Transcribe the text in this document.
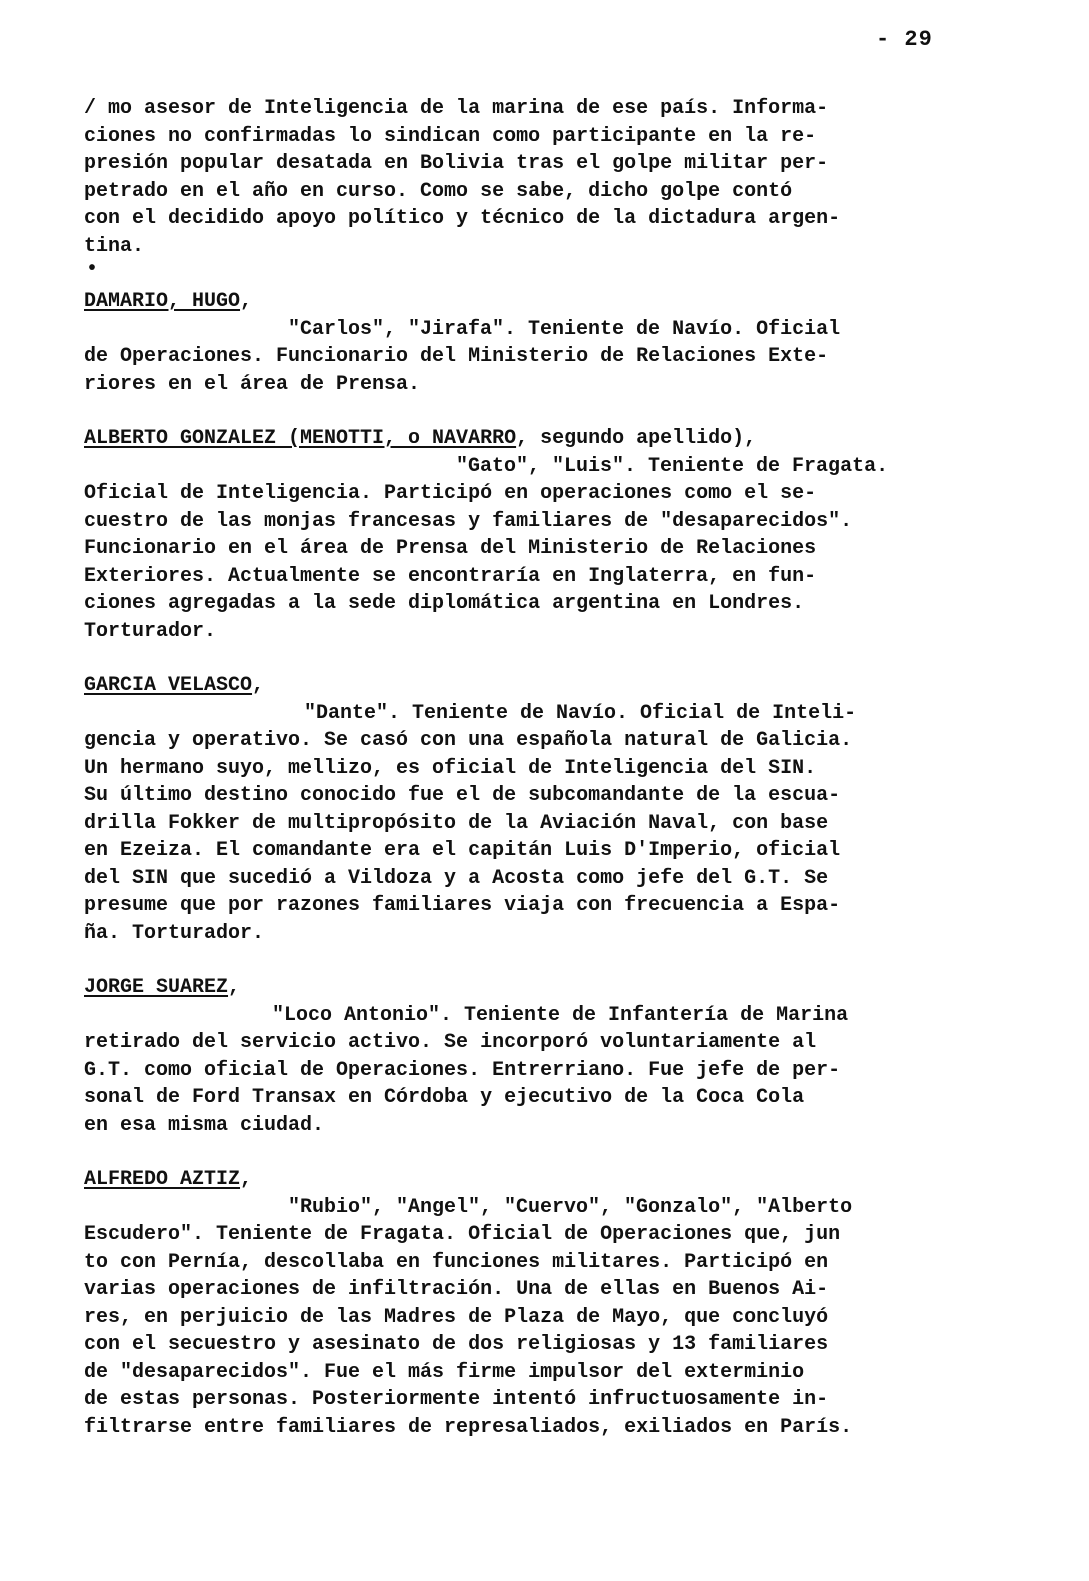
- 29
/ mo asesor de Inteligencia de la marina de ese país. Informa-
ciones no confirmadas lo sindican como participante en la re-
presión popular desatada en Bolivia tras el golpe militar per-
petrado en el año en curso. Como se sabe, dicho golpe contó
con el decidido apoyo político y técnico de la dictadura argen-
tina.
•
DAMARIO, HUGO,
"Carlos", "Jirafa". Teniente de Navío. Oficial
de Operaciones. Funcionario del Ministerio de Relaciones Exte-
riores en el área de Prensa.
ALBERTO GONZALEZ (MENOTTI, o NAVARRO, segundo apellido),
"Gato", "Luis". Teniente de Fragata.
Oficial de Inteligencia. Participó en operaciones como el se-
cuestro de las monjas francesas y familiares de "desaparecidos".
Funcionario en el área de Prensa del Ministerio de Relaciones
Exteriores. Actualmente se encontraría en Inglaterra, en fun-
ciones agregadas a la sede diplomática argentina en Londres.
Torturador.
GARCIA VELASCO,
"Dante". Teniente de Navío. Oficial de Inteli-
gencia y operativo. Se casó con una española natural de Galicia.
Un hermano suyo, mellizo, es oficial de Inteligencia del SIN.
Su último destino conocido fue el de subcomandante de la escua-
drilla Fokker de multipropósito de la Aviación Naval, con base
en Ezeiza. El comandante era el capitán Luis D'Imperio, oficial
del SIN que sucedió a Vildoza y a Acosta como jefe del G.T. Se
presume que por razones familiares viaja con frecuencia a Espa-
ña. Torturador.
JORGE SUAREZ,
"Loco Antonio". Teniente de Infantería de Marina
retirado del servicio activo. Se incorporó voluntariamente al
G.T. como oficial de Operaciones. Entrerriano. Fue jefe de per-
sonal de Ford Transax en Córdoba y ejecutivo de la Coca Cola
en esa misma ciudad.
ALFREDO AZTIZ,
"Rubio", "Angel", "Cuervo", "Gonzalo", "Alberto
Escudero". Teniente de Fragata. Oficial de Operaciones que, jun
to con Pernía, descollaba en funciones militares. Participó en
varias operaciones de infiltración. Una de ellas en Buenos Ai-
res, en perjuicio de las Madres de Plaza de Mayo, que concluyó
con el secuestro y asesinato de dos religiosas y 13 familiares
de "desaparecidos". Fue el más firme impulsor del exterminio
de estas personas. Posteriormente intentó infructuosamente in-
filtrarse entre familiares de represaliados, exiliados en París.
